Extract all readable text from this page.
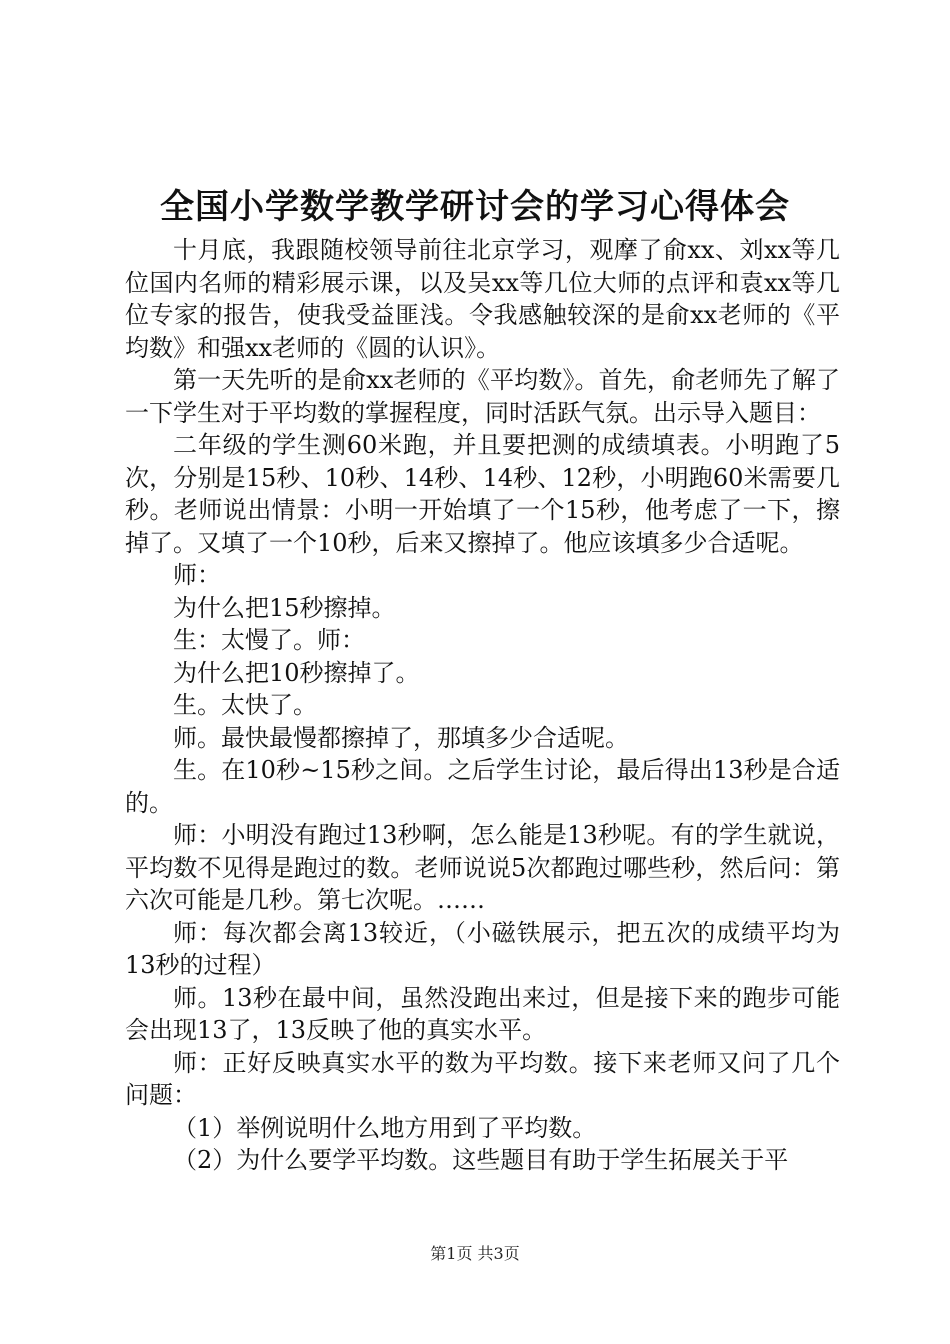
全国小学数学教学研讨会的学习心得体会

十月底，我跟随校领导前往北京学习，观摩了俞xx、刘xx等几位国内名师的精彩展示课，以及吴xx等几位大师的点评和袁xx等几位专家的报告，使我受益匪浅。令我感触较深的是俞xx老师的《平均数》和强xx老师的《圆的认识》。

第一天先听的是俞xx老师的《平均数》。首先，俞老师先了解了一下学生对于平均数的掌握程度，同时活跃气氛。出示导入题目：

二年级的学生测60米跑，并且要把测的成绩填表。小明跑了5次，分别是15秒、10秒、14秒、14秒、12秒，小明跑60米需要几秒。老师说出情景：小明一开始填了一个15秒，他考虑了一下，擦掉了。又填了一个10秒，后来又擦掉了。他应该填多少合适呢。

师：

为什么把15秒擦掉。

生：太慢了。师：

为什么把10秒擦掉了。

生。太快了。

师。最快最慢都擦掉了，那填多少合适呢。

生。在10秒~15秒之间。之后学生讨论，最后得出13秒是合适的。

师：小明没有跑过13秒啊，怎么能是13秒呢。有的学生就说，平均数不见得是跑过的数。老师说说5次都跑过哪些秒，然后问：第六次可能是几秒。第七次呢。……

师：每次都会离13较近，（小磁铁展示，把五次的成绩平均为13秒的过程）

师。13秒在最中间，虽然没跑出来过，但是接下来的跑步可能会出现13了，13反映了他的真实水平。

师：正好反映真实水平的数为平均数。接下来老师又问了几个问题：

（1）举例说明什么地方用到了平均数。

（2）为什么要学平均数。这些题目有助于学生拓展关于平

第1页 共3页
